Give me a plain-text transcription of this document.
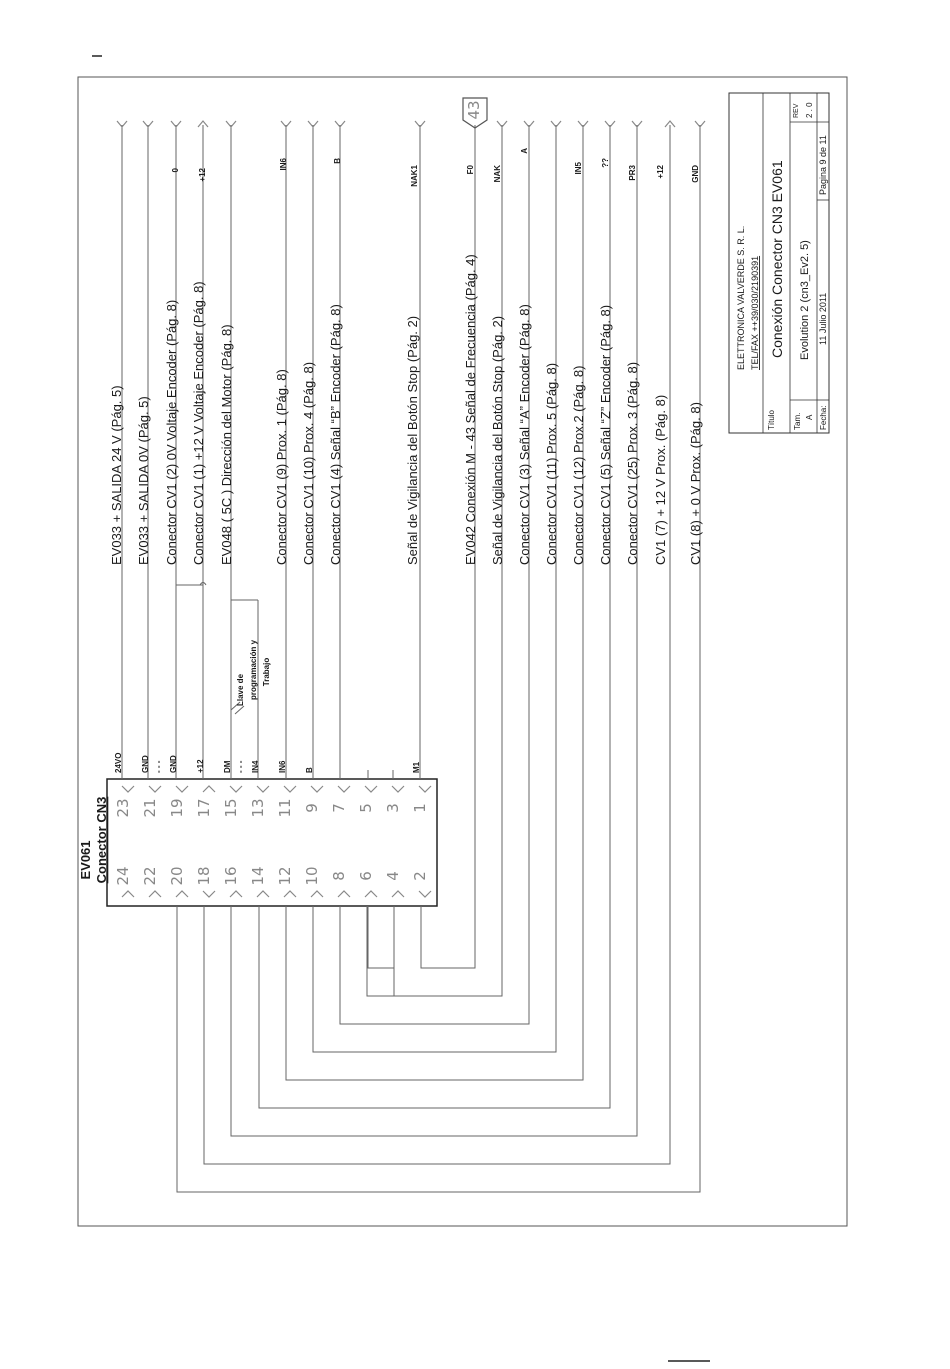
EV061 Conector CN3 24 22 20 18 16 14 12 10 8 6 4 2
23 21 19 17 15 13 11 9 7 5 3 1
43
24VO GND - - - GND +12 DM - - - IN4 IN6 B	M1
Llave de programación y Trabajo
EV033 + SALIDA 24 V (Pág. 5) EV033 + SALIDA 0V (Pág. 5) Conector CV1 (2) 0V Voltaje Encoder (Pág. 8) Conector CV1 (1) +12 V Voltaje Encoder (Pág. 8) EV048 ( 5C ) Dirección del Motor (Pág. 8)	Conector CV1 (9) Prox. 1 (Pág. 8) Conector CV1 (10) Prox. 4 (Pág. 8) Conector CV1 (4) Señal “B” Encoder (Pág. 8)	Señal de Vigilancia del Botón Stop (Pág. 2)	EV042 Conexión M - 43 Señal de Frecuencia (Pág. 4) Señal de Vigilancia del Botón Stop (Pág. 2) Conector CV1 (3) Señal “A” Encoder (Pág. 8) Conector CV1 (11) Prox. 5 (Pág. 8) Conector CV1 (12) Prox.2 (Pág. 8) Conector CV1 (5) Señal “Z” Encoder (Pág. 8) Conector CV1 (25) Prox. 3 (Pág. 8) CV1 (7) + 12 V Prox. (Pág. 8) CV1 (8) + 0 V Prox. (Pág. 8)
0 +12
IN6	B
NAK1	F0 NAK
A
IN5 ??
PR3 +12	GND
ELETTRONICA VALVERDE S. R. L. TEL/FAX ++39/030/2190391
Título
Conexión Conector CN3 EV061
REV 2 . 0
Tam. A
Evolution 2 (cn3_Ev2. 5)
Fecha:
11 Julio 2011
Pagina 9 de 11
